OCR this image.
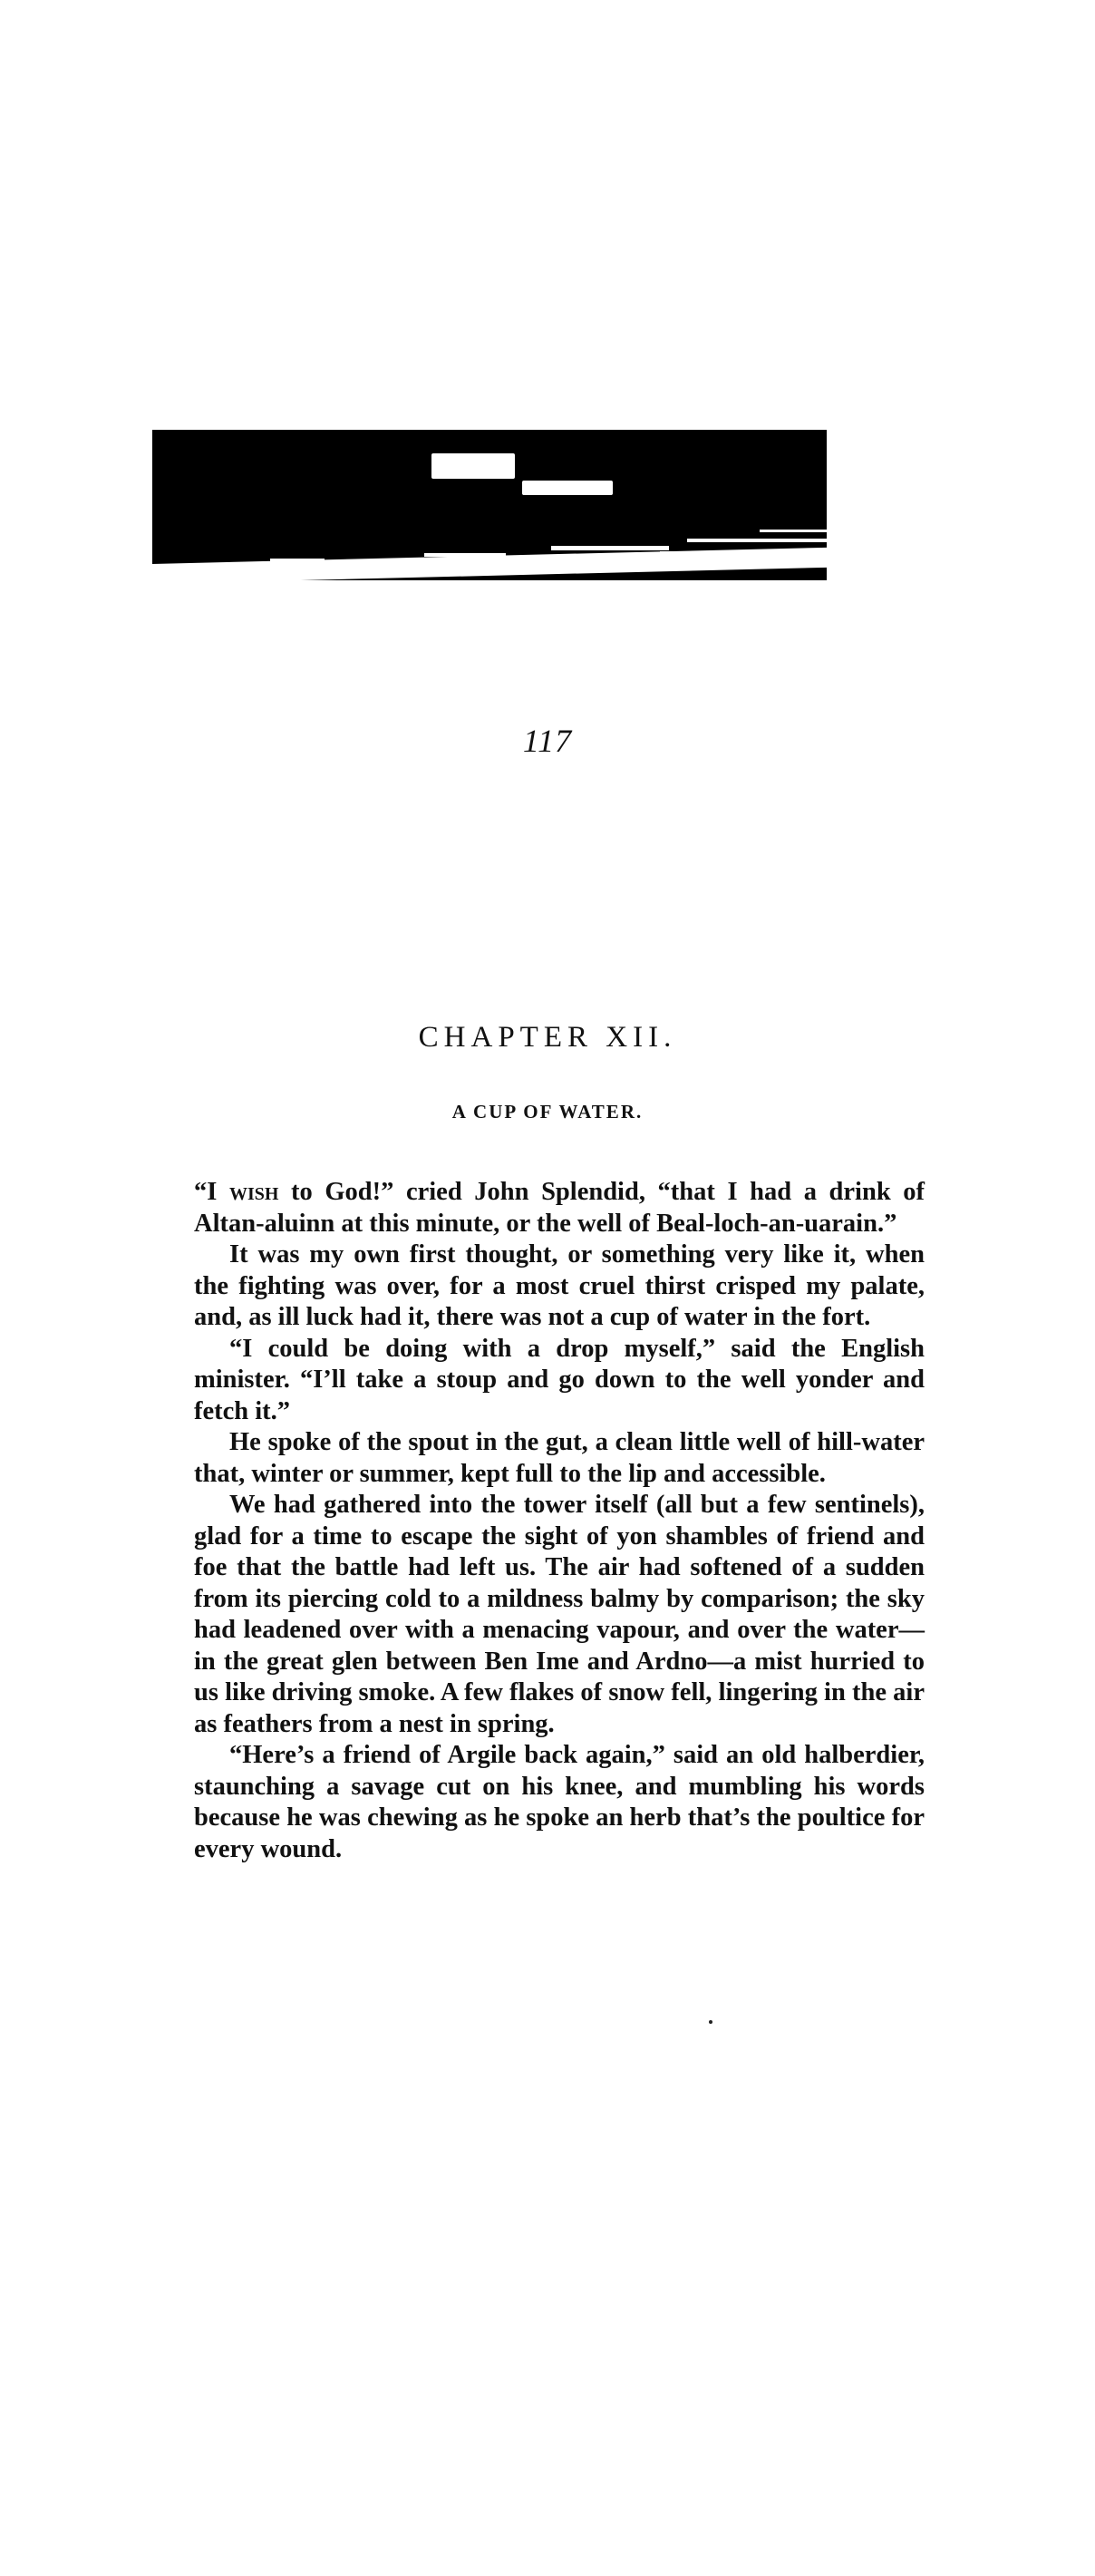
117
CHAPTER XII.
A CUP OF WATER.

“I wish to God!” cried John Splendid, “that I had a drink of Altan-aluinn at this minute, or the well of Beal-loch-an-uarain.”

It was my own first thought, or something very like it, when the fighting was over, for a most cruel thirst crisped my palate, and, as ill luck had it, there was not a cup of water in the fort.

“I could be doing with a drop myself,” said the English minister. “I’ll take a stoup and go down to the well yonder and fetch it.”

He spoke of the spout in the gut, a clean little well of hill-water that, winter or summer, kept full to the lip and accessible.

We had gathered into the tower itself (all but a few sentinels), glad for a time to escape the sight of yon shambles of friend and foe that the battle had left us. The air had softened of a sudden from its piercing cold to a mildness balmy by comparison; the sky had leadened over with a menacing vapour, and over the water—in the great glen between Ben Ime and Ardno—a mist hurried to us like driving smoke. A few flakes of snow fell, lingering in the air as feathers from a nest in spring.

“Here’s a friend of Argile back again,” said an old halberdier, staunching a savage cut on his knee, and mumbling his words because he was chewing as he spoke an herb that’s the poultice for every wound.
